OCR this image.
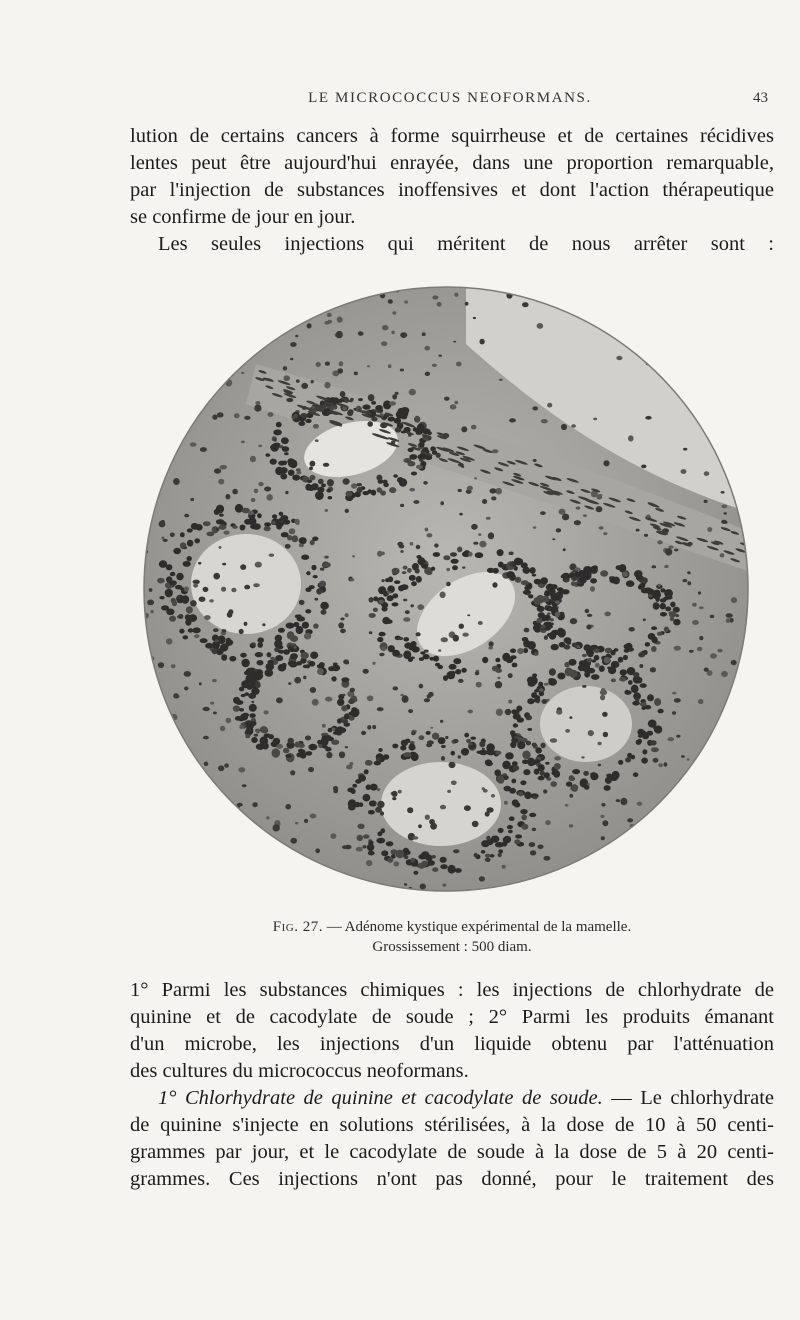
LE MICROCOCCUS NEOFORMANS.	43
lution de certains cancers à forme squirrheuse et de certaines récidives
lentes peut être aujourd'hui enrayée, dans une proportion remarquable,
par l'injection de substances inoffensives et dont l'action thérapeutique
se confirme de jour en jour.
Les seules injections qui méritent de nous arrêter sont :
Fig. 27. — Adénome kystique expérimental de la mamelle.
Grossissement : 500 diam.
1° Parmi les substances chimiques : les injections de chlorhydrate de
quinine et de cacodylate de soude ; 2° Parmi les produits émanant
d'un microbe, les injections d'un liquide obtenu par l'atténuation
des cultures du micrococcus neoformans.
1° Chlorhydrate de quinine et cacodylate de soude. — Le chlorhydrate
de quinine s'injecte en solutions stérilisées, à la dose de 10 à 50 centi-
grammes par jour, et le cacodylate de soude à la dose de 5 à 20 centi-
grammes. Ces injections n'ont pas donné, pour le traitement des
